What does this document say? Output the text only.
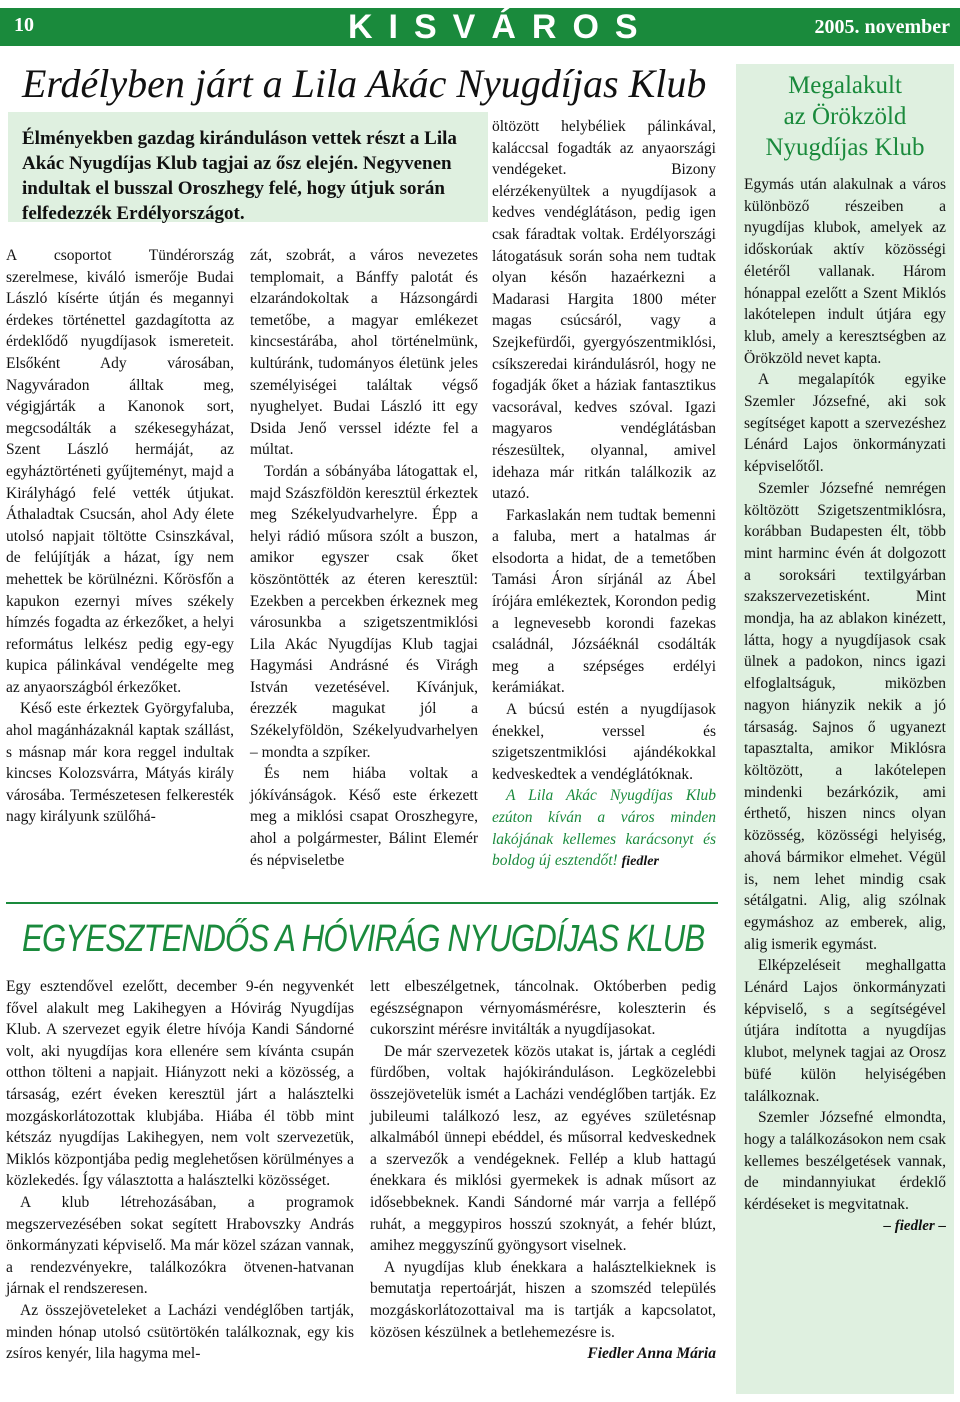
10	KISVÁROS	2005. november
Erdélyben járt a Lila Akác Nyugdíjas Klub
Élményekben gazdag kiránduláson vettek részt a Lila Akác Nyugdíjas Klub tagjai az ősz elején. Negyvenen indultak el busszal Oroszhegy felé, hogy útjuk során felfedezzék Erdélyországot.

A csoportot Tündérország szerelmese, kiváló ismerője Budai László kísérte útján és megannyi érdekes történettel gazdagította az érdeklődő nyugdíjasok ismereteit. Elsőként Ady városában, Nagyváradon álltak meg, végigjárták a Kanonok sort, megcsodálták a székesegyházat, Szent László hermáját, az egyháztörténeti gyűjteményt, majd a Királyhágó felé vették útjukat. Áthaladtak Csucsán, ahol Ady élete utolsó napjait töltötte Csinszkával, de felújítják a házat, így nem mehettek be körülnézni. Kőrösfőn a kapukon ezernyi míves székely hímzés fogadta az érkezőket, a helyi református lelkész pedig egy-egy kupica pálinkával vendégelte meg az anyaországból érkezőket.

Késő este érkeztek Györgyfaluba, ahol magánházaknál kaptak szállást, s másnap már kora reggel indultak kincses Kolozsvárra, Mátyás király városába. Természetesen felkeresték nagy királyunk szülőhá-

zát, szobrát, a város nevezetes templomait, a Bánffy palotát és elzarándokoltak a Házsongárdi temetőbe, a magyar emlékezet kincsestárába, ahol történelmünk, kultúránk, tudományos életünk jeles személyiségei találtak végső nyughelyet. Budai László itt egy Dsida Jenő verssel idézte fel a múltat.

Tordán a sóbányába látogattak el, majd Szászföldön keresztül érkeztek meg Székelyudvarhelyre. Épp a helyi rádió műsora szólt a buszon, amikor egyszer csak őket köszöntötték az éteren keresztül: Ezekben a percekben érkeznek meg városunkba a szigetszentmiklósi Lila Akác Nyugdíjas Klub tagjai Hagymási Andrásné és Virágh István vezetésével. Kívánjuk, érezzék magukat jól a Székelyföldön, Székelyudvarhelyen – mondta a szpíker.

És nem hiába voltak a jókívánságok. Késő este érkezett meg a miklósi csapat Oroszhegyre, ahol a polgármester, Bálint Elemér és népviseletbe

öltözött helybéliek pálinkával, kaláccsal fogadták az anyaországi vendégeket. Bizony elérzékenyültek a nyugdíjasok a kedves vendéglátáson, pedig igen csak fáradtak voltak. Erdélyországi látogatásuk során soha nem tudtak olyan későn hazaérkezni a Madarasi Hargita 1800 méter magas csúcsáról, vagy a Szejkefürdői, gyergyószentmiklósi, csíkszeredai kirándulásról, hogy ne fogadják őket a háziak fantasztikus vacsorával, kedves szóval. Igazi magyaros vendéglátásban részesültek, olyannal, amivel idehaza már ritkán találkozik az utazó.

Farkaslakán nem tudtak bemenni a faluba, mert a hatalmas ár elsodorta a hidat, de a temetőben Tamási Áron sírjánál az Ábel írójára emlékeztek, Korondon pedig a legnevesebb korondi fazekas családnál, Józsáéknál csodálták meg a szépséges erdélyi kerámiákat.

A búcsú estén a nyugdíjasok énekkel, verssel és szigetszentmiklósi ajándékokkal kedveskedtek a vendéglátóknak.

A Lila Akác Nyugdíjas Klub ezúton kíván a város minden lakójának kellemes karácsonyt és boldog új esztendőt! fiedler

Megalakult
az Örökzöld
Nyugdíjas Klub

Egymás után alakulnak a város különböző részeiben a nyugdíjas klubok, amelyek az időskorúak aktív közösségi életéről vallanak. Három hónappal ezelőtt a Szent Miklós lakótelepen indult útjára egy klub, amely a keresztségben az Örökzöld nevet kapta.

A megalapítók egyike Szemler Józsefné, aki sok segítséget kapott a szervezéshez Lénárd Lajos önkormányzati képviselőtől.

Szemler Józsefné nemrégen költözött Szigetszentmiklósra, korábban Budapesten élt, több mint harminc évén át dolgozott a soroksári textilgyárban szakszervezetisként. Mint mondja, ha az ablakon kinézett, látta, hogy a nyugdíjasok csak ülnek a padokon, nincs igazi elfoglaltságuk, miközben nagyon hiányzik nekik a jó társaság. Sajnos ő ugyanezt tapasztalta, amikor Miklósra költözött, a lakótelepen mindenki bezárkózik, ami érthető, hiszen nincs olyan közösség, közösségi helyiség, ahová bármikor elmehet. Végül is, nem lehet mindig csak sétálgatni. Alig, alig szólnak egymáshoz az emberek, alig, alig ismerik egymást.

Elképzeléseit meghallgatta Lénárd Lajos önkormányzati képviselő, s a segítségével útjára indította a nyugdíjas klubot, melynek tagjai az Orosz büfé külön helyiségében találkoznak.

Szemler Józsefné elmondta, hogy a találkozásokon nem csak kellemes beszélgetések vannak, de mindannyiukat érdeklő kérdéseket is megvitatnak.

– fiedler –
EGYESZTENDŐS A HÓVIRÁG NYUGDÍJAS KLUB

Egy esztendővel ezelőtt, december 9-én negyvenkét fővel alakult meg Lakihegyen a Hóvirág Nyugdíjas Klub. A szervezet egyik életre hívója Kandi Sándorné volt, aki nyugdíjas kora ellenére sem kívánta csupán otthon tölteni a napjait. Hiányzott neki a közösség, a társaság, ezért éveken keresztül járt a halásztelki mozgáskorlátozottak klubjába. Hiába él több mint kétszáz nyugdíjas Lakihegyen, nem volt szervezetük, Miklós központjába pedig meglehetősen körülményes a közlekedés. Így választotta a halásztelki közösséget.

A klub létrehozásában, a programok megszervezésében sokat segített Hrabovszky András önkormányzati képviselő. Ma már közel százan vannak, a rendezvényekre, találkozókra ötvenen-hatvanan járnak el rendszeresen.

Az összejöveteleket a Lacházi vendéglőben tartják, minden hónap utolsó csütörtökén találkoznak, egy kis zsíros kenyér, lila hagyma mel-

lett elbeszélgetnek, táncolnak. Októberben pedig egészségnapon vérnyomásmérésre, koleszterin és cukorszint mérésre invitálták a nyugdíjasokat.

De már szervezetek közös utakat is, jártak a ceglédi fürdőben, voltak hajókiránduláson. Legközelebbi összejövetelük ismét a Lacházi vendéglőben tartják. Ez jubileumi találkozó lesz, az egyéves születésnap alkalmából ünnepi ebéddel, és műsorral kedveskednek a szervezők a vendégeknek. Fellép a klub hattagú énekkara és miklósi gyermekek is adnak műsort az idősebbeknek. Kandi Sándorné már varrja a fellépő ruhát, a meggypiros hosszú szoknyát, a fehér blúzt, amihez meggyszínű gyöngysort viselnek.

A nyugdíjas klub énekkara a halásztelkieknek is bemutatja repertoárját, hiszen a szomszéd település mozgáskorlátozottaival ma is tartják a kapcsolatot, közösen készülnek a betlehemezésre is.

Fiedler Anna Mária
